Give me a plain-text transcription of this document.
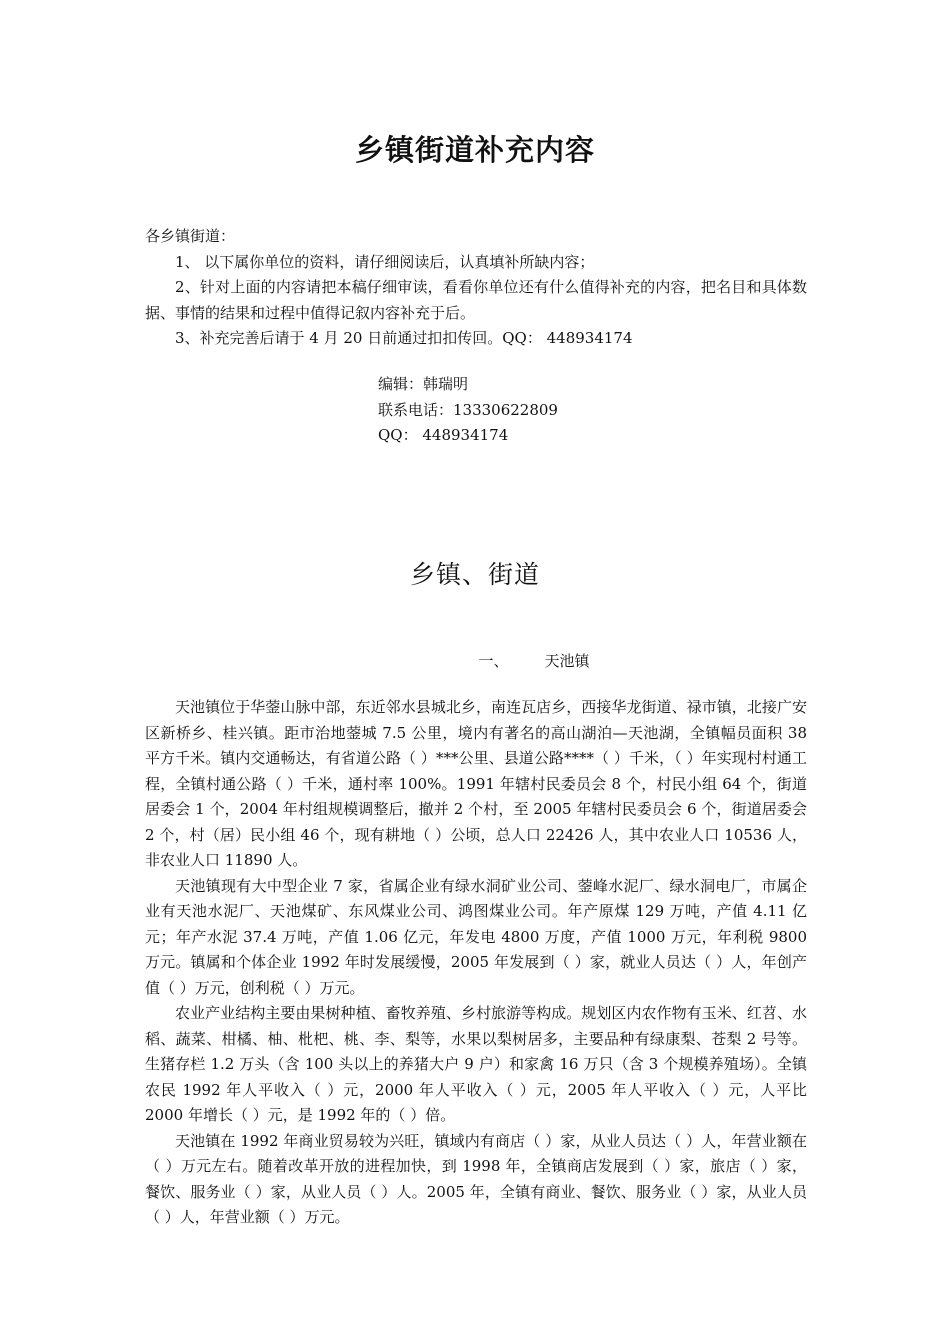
乡镇街道补充内容

各乡镇街道：

1、 以下属你单位的资料，请仔细阅读后，认真填补所缺内容；

2、针对上面的内容请把本稿仔细审读，看看你单位还有什么值得补充的内容，把名目和具体数据、事情的结果和过程中值得记叙内容补充于后。

3、补充完善后请于 4 月 20 日前通过扣扣传回。QQ： 448934174

编辑：韩瑞明
联系电话：13330622809
QQ： 448934174
乡镇、街道
一、 天池镇

天池镇位于华蓥山脉中部，东近邻水县城北乡，南连瓦店乡，西接华龙街道、禄市镇，北接广安区新桥乡、桂兴镇。距市治地蓥城 7.5 公里，境内有著名的高山湖泊—天池湖，全镇幅员面积 38 平方千米。镇内交通畅达，有省道公路（ ）***公里、县道公路****（ ）千米，（ ）年实现村村通工程，全镇村通公路（ ）千米，通村率 100%。1991 年辖村民委员会 8 个，村民小组 64 个，街道居委会 1 个，2004 年村组规模调整后，撤并 2 个村，至 2005 年辖村民委员会 6 个，街道居委会 2 个，村（居）民小组 46 个，现有耕地（ ）公顷，总人口 22426 人，其中农业人口 10536 人，非农业人口 11890 人。

天池镇现有大中型企业 7 家，省属企业有绿水洞矿业公司、蓥峰水泥厂、绿水洞电厂，市属企业有天池水泥厂、天池煤矿、东风煤业公司、鸿图煤业公司。年产原煤 129 万吨，产值 4.11 亿元；年产水泥 37.4 万吨，产值 1.06 亿元，年发电 4800 万度，产值 1000 万元，年利税 9800 万元。镇属和个体企业 1992 年时发展缓慢，2005 年发展到（ ）家，就业人员达（ ）人，年创产值（ ）万元，创利税（ ）万元。

农业产业结构主要由果树种植、畜牧养殖、乡村旅游等构成。规划区内农作物有玉米、红苕、水稻、蔬菜、柑橘、柚、枇杷、桃、李、梨等，水果以梨树居多，主要品种有绿康梨、苍梨 2 号等。生猪存栏 1.2 万头（含 100 头以上的养猪大户 9 户）和家禽 16 万只（含 3 个规模养殖场）。全镇农民 1992 年人平收入（ ）元，2000 年人平收入（ ）元，2005 年人平收入（ ）元，人平比 2000 年增长（ ）元，是 1992 年的（ ）倍。

天池镇在 1992 年商业贸易较为兴旺，镇域内有商店（ ）家，从业人员达（ ）人，年营业额在（ ）万元左右。随着改革开放的进程加快，到 1998 年，全镇商店发展到（ ）家，旅店（ ）家，餐饮、服务业（ ）家，从业人员（ ）人。2005 年，全镇有商业、餐饮、服务业（ ）家，从业人员（ ）人，年营业额（ ）万元。
